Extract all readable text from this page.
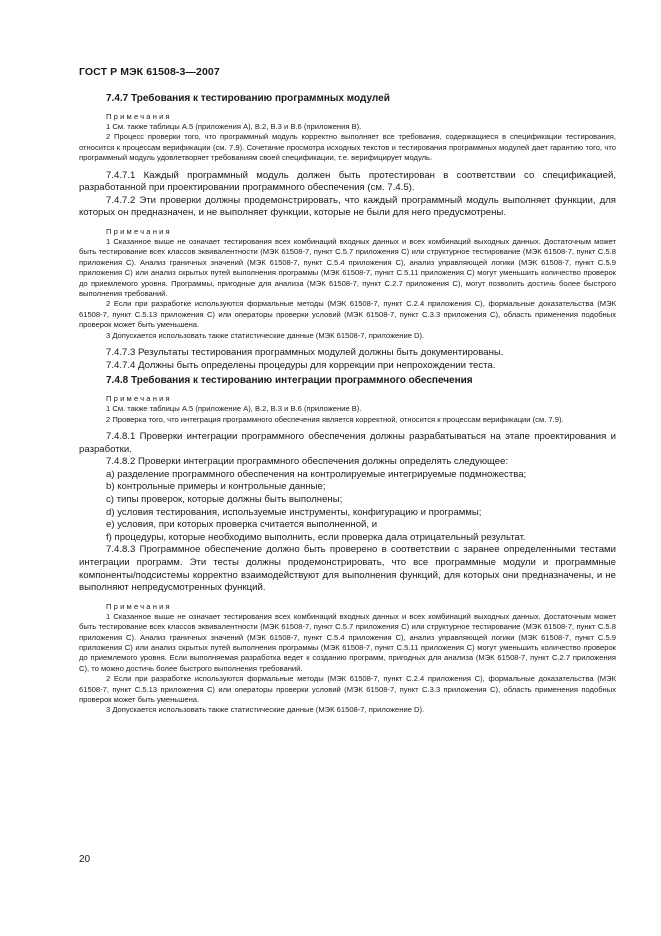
ГОСТ Р МЭК 61508-3—2007

7.4.7 Требования к тестированию программных модулей

Примечания

1 См. также таблицы А.5 (приложения А), В.2, В.3 и В.6 (приложения В).

2 Процесс проверки того, что программный модуль корректно выполняет все требования, содержащиеся в спецификации тестирования, относится к процессам верификации (см. 7.9). Сочетание просмотра исходных текстов и тестирования программных модулей дает гарантию того, что программный модуль удовлетворяет требованиям своей спецификации, т.е. верифицирует модуль.

7.4.7.1 Каждый программный модуль должен быть протестирован в соответствии со спецификацией, разработанной при проектировании программного обеспечения (см. 7.4.5).

7.4.7.2 Эти проверки должны продемонстрировать, что каждый программный модуль выполняет функции, для которых он предназначен, и не выполняет функции, которые не были для него предусмотрены.

Примечания

1 Сказанное выше не означает тестирования всех комбинаций входных данных и всех комбинаций выходных данных. Достаточным может быть тестирование всех классов эквивалентности (МЭК 61508-7, пункт С.5.7 приложения С) или структурное тестирование (МЭК 61508-7, пункт С.5.8 приложения С). Анализ граничных значений (МЭК 61508-7, пункт С.5.4 приложения С), анализ управляющей логики (МЭК 61508-7, пункт С.5.9 приложения С) или анализ скрытых путей выполнения программы (МЭК 61508-7, пункт С.5.11 приложения С) могут уменьшить количество проверок до приемлемого уровня. Программы, пригодные для анализа (МЭК 61508-7, пункт С.2.7 приложения С), могут позволить достичь более быстрого выполнения требований.

2 Если при разработке используются формальные методы (МЭК 61508-7, пункт С.2.4 приложения С), формальные доказательства (МЭК 61508-7, пункт С.5.13 приложения С) или операторы проверки условий (МЭК 61508-7, пункт С.3.3 приложения С), область применения подобных проверок может быть уменьшена.

3 Допускается использовать также статистические данные (МЭК 61508-7, приложение D).

7.4.7.3 Результаты тестирования программных модулей должны быть документированы.

7.4.7.4 Должны быть определены процедуры для коррекции при непрохождении теста.

7.4.8 Требования к тестированию интеграции программного обеспечения

Примечания

1 См. также таблицы А.5 (приложение А), В.2, В.3 и В.6 (приложение В).

2 Проверка того, что интеграция программного обеспечения является корректной, относится к процессам верификации (см. 7.9).

7.4.8.1 Проверки интеграции программного обеспечения должны разрабатываться на этапе проектирования и разработки.

7.4.8.2 Проверки интеграции программного обеспечения должны определять следующее:

a) разделение программного обеспечения на контролируемые интегрируемые подмножества;

b) контрольные примеры и контрольные данные;

c) типы проверок, которые должны быть выполнены;

d) условия тестирования, используемые инструменты, конфигурацию и программы;

e) условия, при которых проверка считается выполненной, и

f) процедуры, которые необходимо выполнить, если проверка дала отрицательный результат.

7.4.8.3 Программное обеспечение должно быть проверено в соответствии с заранее определенными тестами интеграции программ. Эти тесты должны продемонстрировать, что все программные модули и программные компоненты/подсистемы корректно взаимодействуют для выполнения функций, для которых они предназначены, и не выполняют непредусмотренных функций.

Примечания

1 Сказанное выше не означает тестирования всех комбинаций входных данных и всех комбинаций выходных данных. Достаточным может быть тестирование всех классов эквивалентности (МЭК 61508-7, пункт С.5.7 приложения С) или структурное тестирование (МЭК 61508-7, пункт С.5.8 приложения С). Анализ граничных значений (МЭК 61508-7, пункт С.5.4 приложения С), анализ управляющей логики (МЭК 61508-7, пункт С.5.9 приложения С) или анализ скрытых путей выполнения программы (МЭК 61508-7, пункт С.5.11 приложения С) могут уменьшить количество проверок до приемлемого уровня. Если выполняемая разработка ведет к созданию программ, пригодных для анализа (МЭК 61508-7, пункт С.2.7 приложения С), то можно достичь более быстрого выполнения требований.

2 Если при разработке используются формальные методы (МЭК 61508-7, пункт С.2.4 приложения С), формальные доказательства (МЭК 61508-7, пункт С.5.13 приложения С) или операторы проверки условий (МЭК 61508-7, пункт С.3.3 приложения С), область применения подобных проверок может быть уменьшена.

3 Допускается использовать также статистические данные (МЭК 61508-7, приложение D).

20
